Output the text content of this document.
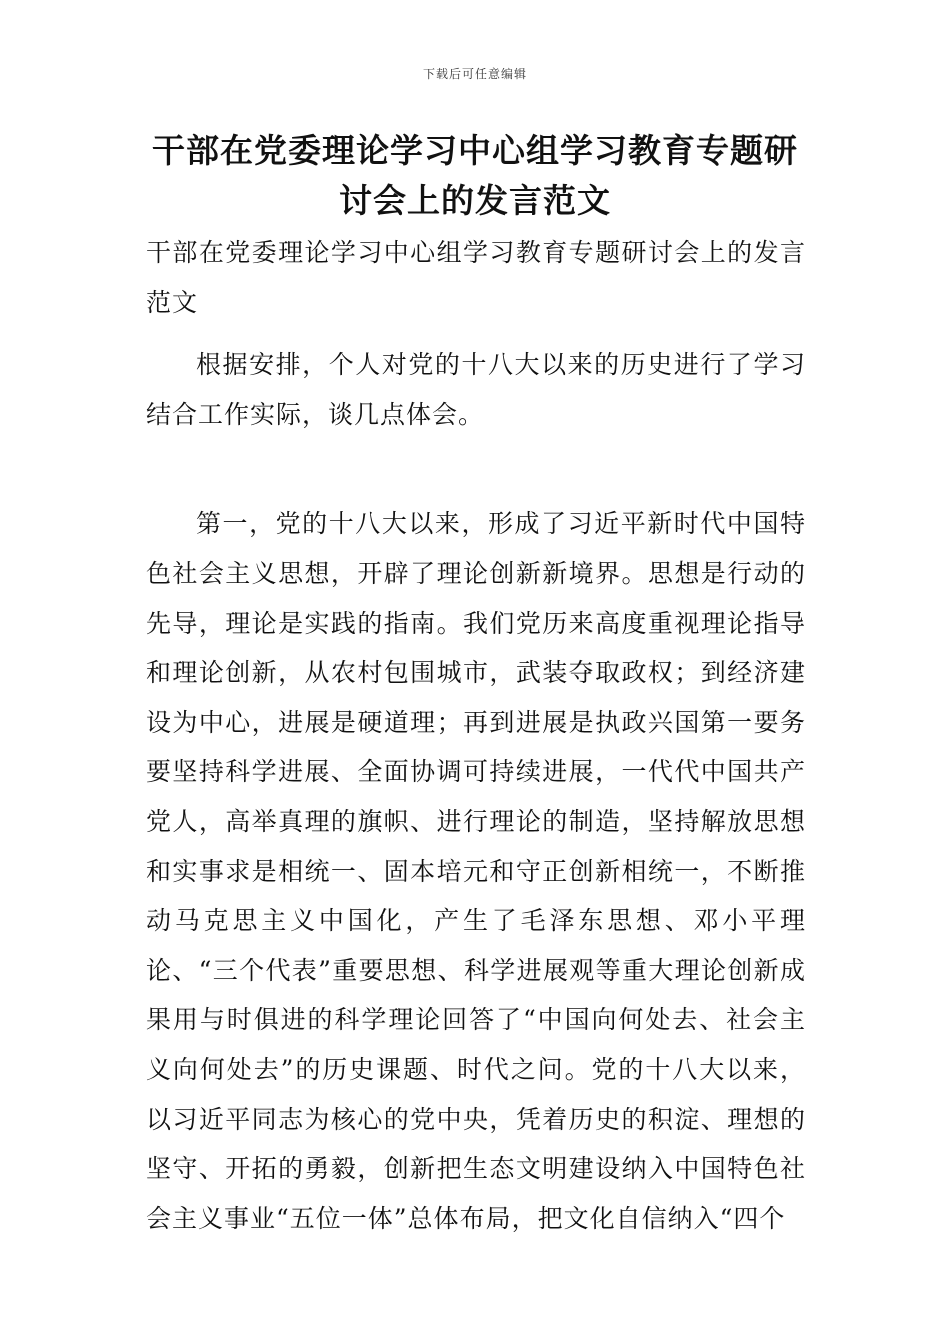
下载后可任意编辑
干部在党委理论学习中心组学习教育专题研讨会上的发言范文

干部在党委理论学习中心组学习教育专题研讨会上的发言范文

根据安排，个人对党的十八大以来的历史进行了学习结合工作实际，谈几点体会。

第一，党的十八大以来，形成了习近平新时代中国特色社会主义思想，开辟了理论创新新境界。思想是行动的先导，理论是实践的指南。我们党历来高度重视理论指导和理论创新，从农村包围城市，武装夺取政权；到经济建设为中心，进展是硬道理；再到进展是执政兴国第一要务要坚持科学进展、全面协调可持续进展，一代代中国共产党人，高举真理的旗帜、进行理论的制造，坚持解放思想和实事求是相统一、固本培元和守正创新相统一，不断推动马克思主义中国化，产生了毛泽东思想、邓小平理论、“三个代表”重要思想、科学进展观等重大理论创新成果用与时俱进的科学理论回答了“中国向何处去、社会主义向何处去”的历史课题、时代之问。党的十八大以来，以习近平同志为核心的党中央，凭着历史的积淀、理想的坚守、开拓的勇毅，创新把生态文明建设纳入中国特色社会主义事业“五位一体”总体布局，把文化自信纳入“四个
